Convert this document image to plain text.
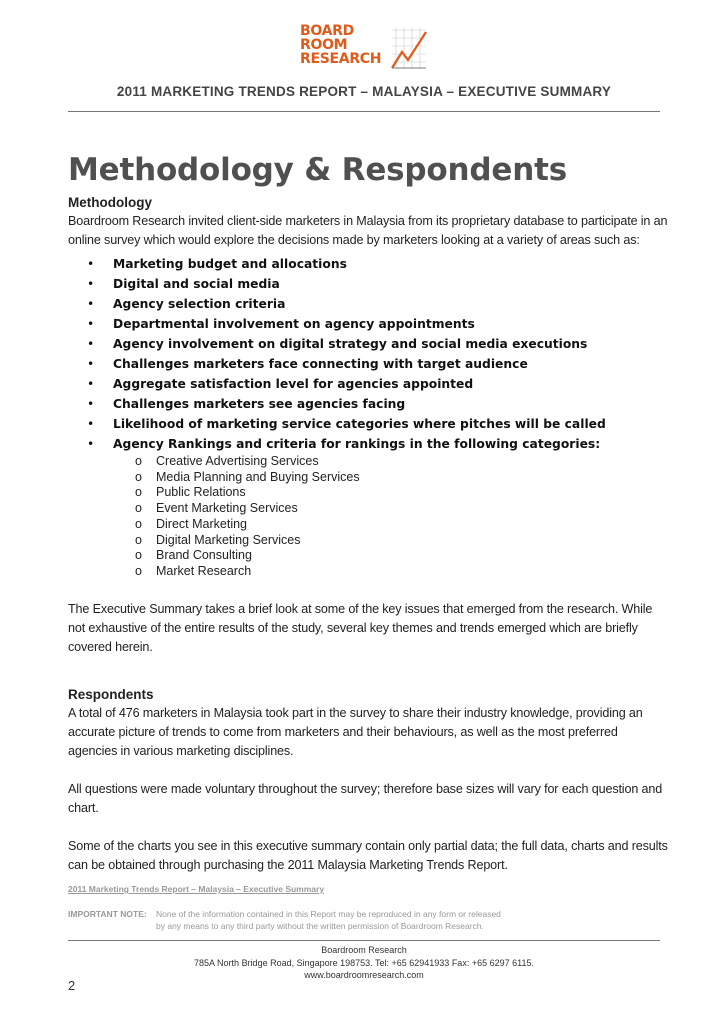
BOARD
ROOM
RESEARCH
2011 MARKETING TRENDS REPORT – MALAYSIA – EXECUTIVE SUMMARY
Methodology & Respondents
Methodology

Boardroom Research invited client-side marketers in Malaysia from its proprietary database to participate in an online survey which would explore the decisions made by marketers looking at a variety of areas such as:

• Marketing budget and allocations
• Digital and social media
• Agency selection criteria
• Departmental involvement on agency appointments
• Agency involvement on digital strategy and social media executions
• Challenges marketers face connecting with target audience
• Aggregate satisfaction level for agencies appointed
• Challenges marketers see agencies facing
• Likelihood of marketing service categories where pitches will be called
• Agency Rankings and criteria for rankings in the following categories:
o Creative Advertising Services
o Media Planning and Buying Services
o Public Relations
o Event Marketing Services
o Direct Marketing
o Digital Marketing Services
o Brand Consulting
o Market Research

The Executive Summary takes a brief look at some of the key issues that emerged from the research. While not exhaustive of the entire results of the study, several key themes and trends emerged which are briefly covered herein.

Respondents

A total of 476 marketers in Malaysia took part in the survey to share their industry knowledge, providing an accurate picture of trends to come from marketers and their behaviours, as well as the most preferred agencies in various marketing disciplines.

All questions were made voluntary throughout the survey; therefore base sizes will vary for each question and chart.

Some of the charts you see in this executive summary contain only partial data; the full data, charts and results can be obtained through purchasing the 2011 Malaysia Marketing Trends Report.

2011 Marketing Trends Report – Malaysia – Executive Summary
IMPORTANT NOTE: None of the information contained in this Report may be reproduced in any form or released
by any means to any third party without the written permission of Boardroom Research.
Boardroom Research
785A North Bridge Road, Singapore 198753. Tel: +65 62941933 Fax: +65 6297 6115.
www.boardroomresearch.com
2
